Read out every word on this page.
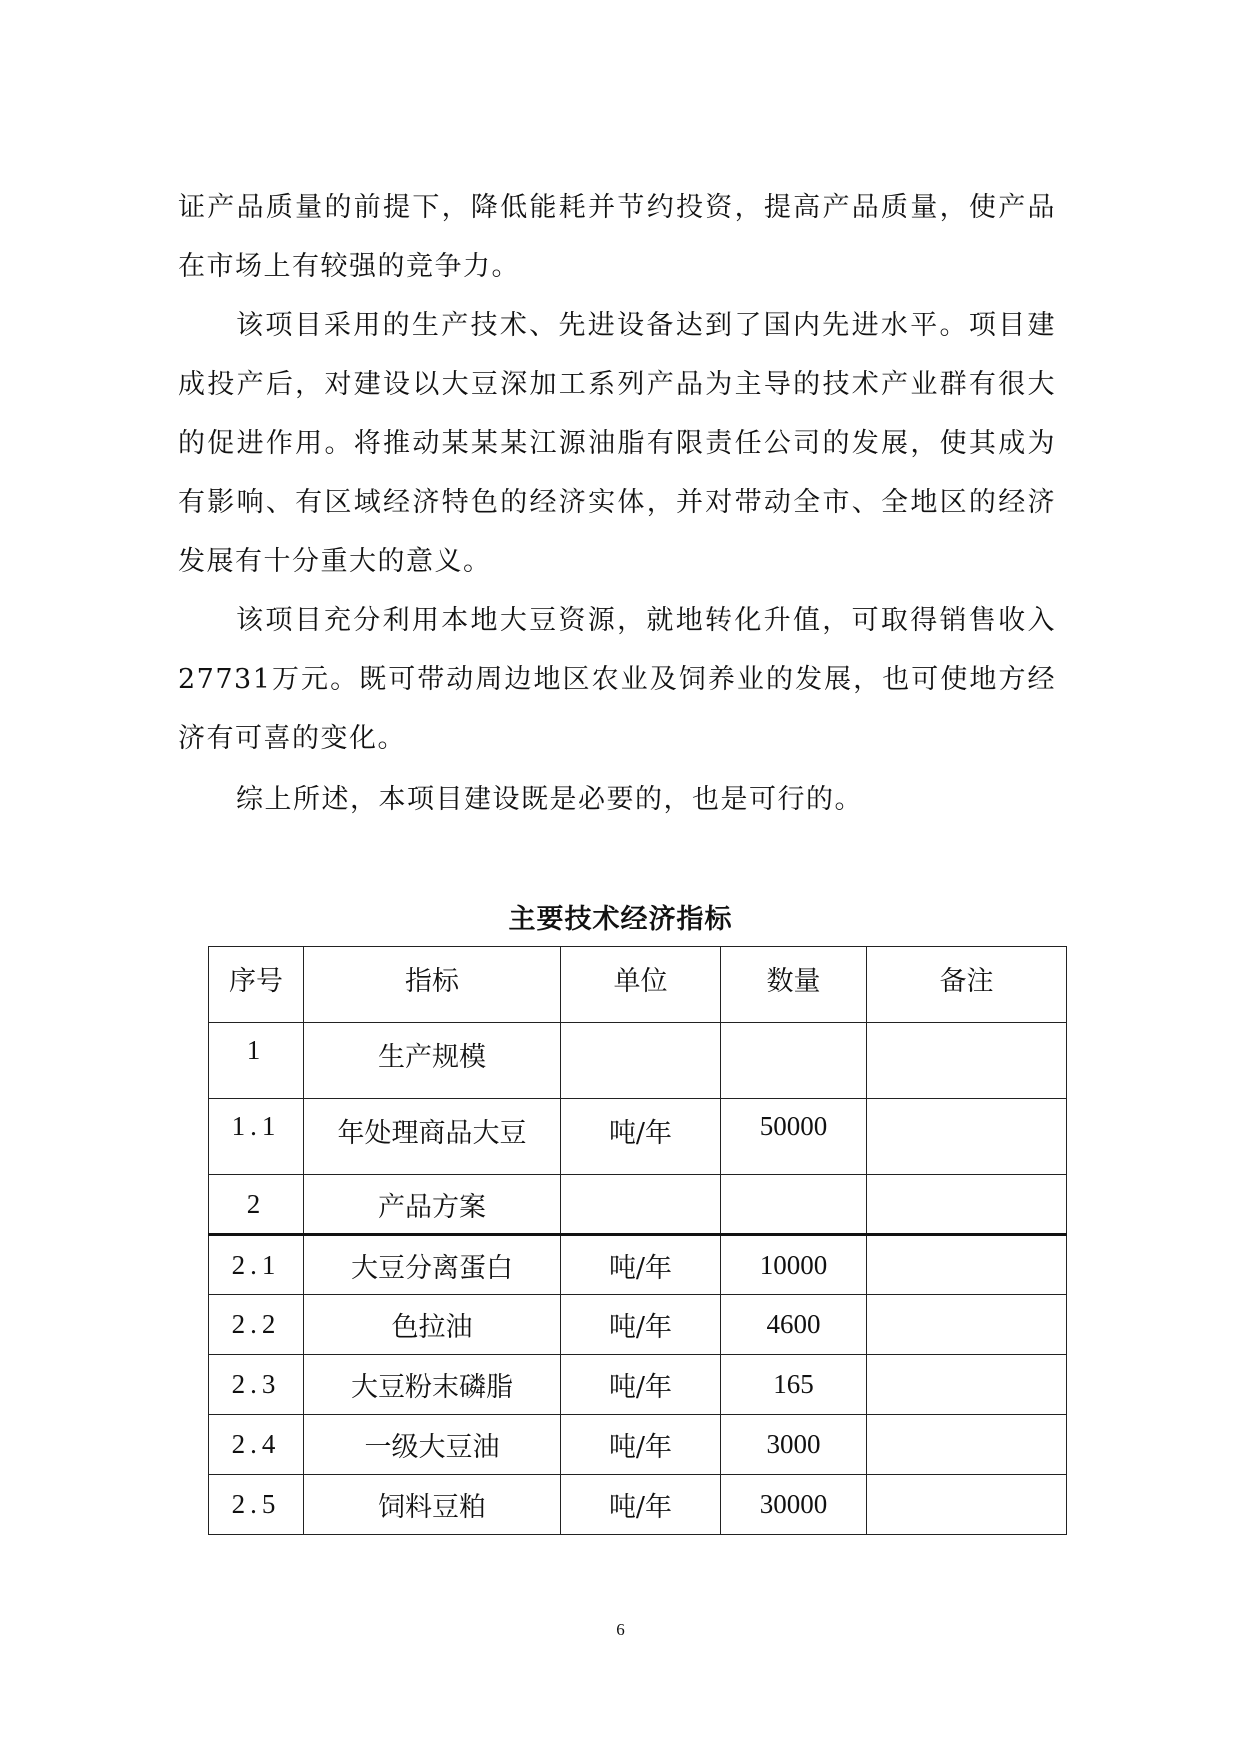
证产品质量的前提下，降低能耗并节约投资，提高产品质量，使产品在市场上有较强的竞争力。

该项目采用的生产技术、先进设备达到了国内先进水平。项目建成投产后，对建设以大豆深加工系列产品为主导的技术产业群有很大的促进作用。将推动某某某江源油脂有限责任公司的发展，使其成为有影响、有区域经济特色的经济实体，并对带动全市、全地区的经济发展有十分重大的意义。

该项目充分利用本地大豆资源，就地转化升值，可取得销售收入27731万元。既可带动周边地区农业及饲养业的发展，也可使地方经济有可喜的变化。

综上所述，本项目建设既是必要的，也是可行的。

主要技术经济指标

序号	指标	单位	数量	备注
1	生产规模			
1.1	年处理商品大豆	吨/年	50000	
2	产品方案			
2.1	大豆分离蛋白	吨/年	10000	
2.2	色拉油	吨/年	4600	
2.3	大豆粉末磷脂	吨/年	165	
2.4	一级大豆油	吨/年	3000	
2.5	饲料豆粕	吨/年	30000	

6
